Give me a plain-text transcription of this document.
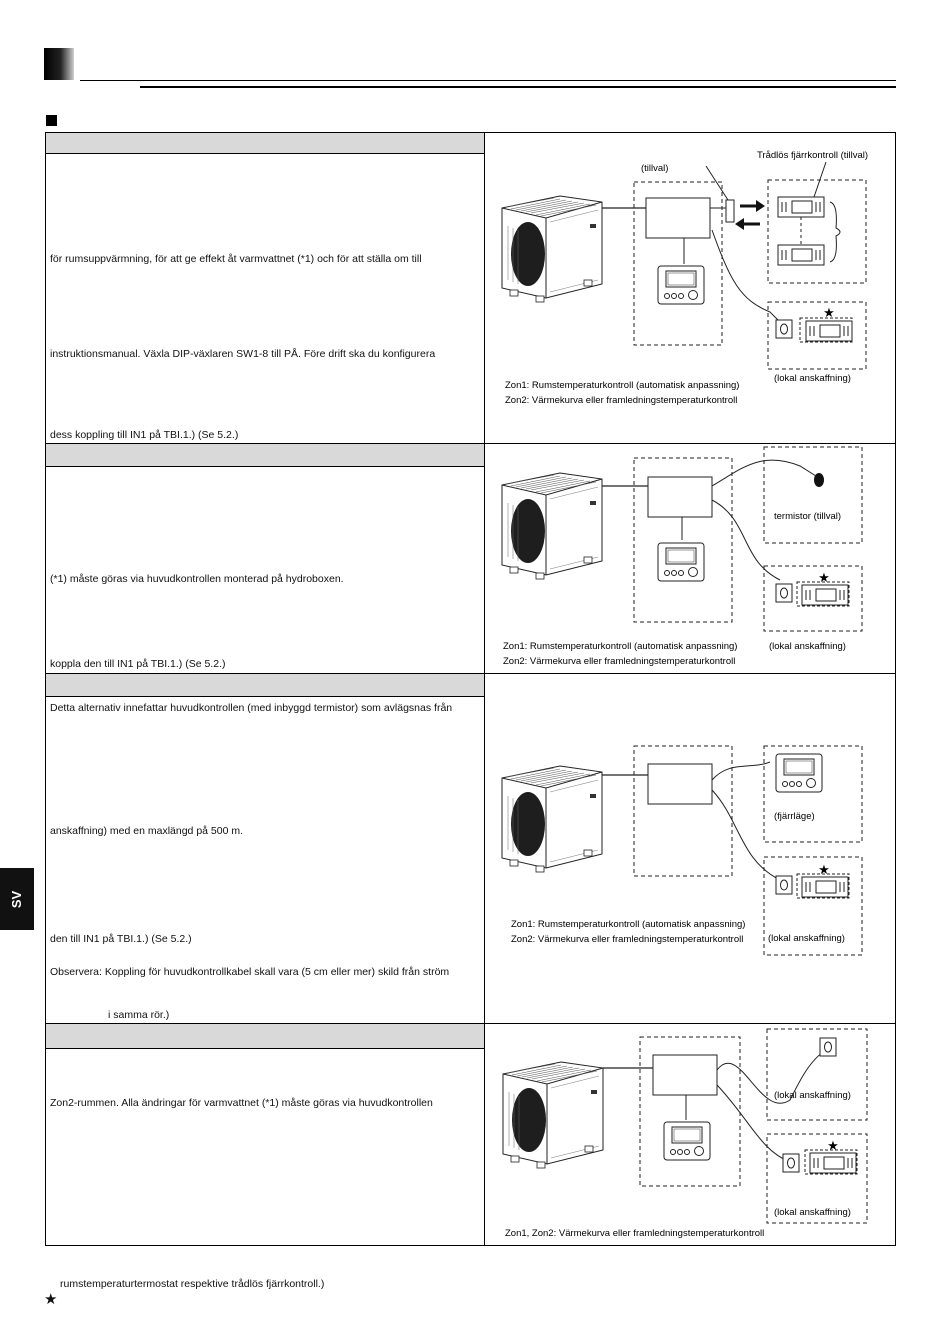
SV
för rumsuppvärmning, för att ge effekt åt varmvattnet (*1) och för att ställa om till
instruktionsmanual. Växla DIP-växlaren SW1-8 till PÅ. Före drift ska du konfigurera
dess koppling till IN1 på TBI.1.) (Se 5.2.)
(*1) måste göras via huvudkontrollen monterad på hydroboxen.
koppla den till IN1 på TBI.1.) (Se 5.2.)
Detta alternativ innefattar huvudkontrollen (med inbyggd termistor) som avlägsnas från
anskaffning) med en maxlängd på 500 m.
den till IN1 på TBI.1.) (Se 5.2.)
Observera: Koppling för huvudkontrollkabel skall vara (5 cm eller mer) skild från ström
i samma rör.)
Zon2-rummen. Alla ändringar för varmvattnet (*1) måste göras via huvudkontrollen
rumstemperaturtermostat respektive trådlös fjärrkontroll.)
★
★
(tillval)
Trådlös fjärrkontroll (tillval)
(lokal anskaffning)
Zon1: Rumstemperaturkontroll (automatisk anpassning)
Zon2: Värmekurva eller framledningstemperaturkontroll
★
termistor (tillval)
(lokal anskaffning)
Zon1: Rumstemperaturkontroll (automatisk anpassning)
Zon2: Värmekurva eller framledningstemperaturkontroll
★
(fjärrläge)
(lokal anskaffning)
Zon1: Rumstemperaturkontroll (automatisk anpassning)
Zon2: Värmekurva eller framledningstemperaturkontroll
★
(lokal anskaffning)
(lokal anskaffning)
Zon1, Zon2: Värmekurva eller framledningstemperaturkontroll
